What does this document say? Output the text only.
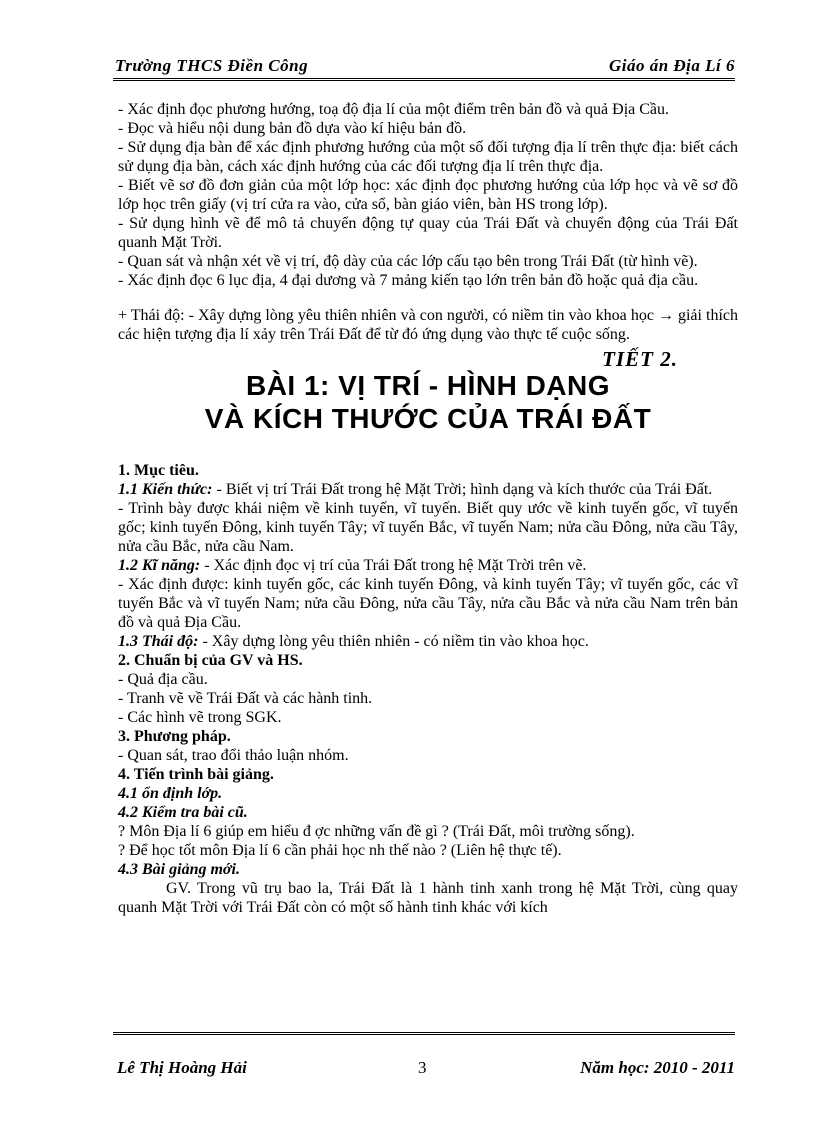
Trường THCS Điền Công	Giáo án Địa Lí 6

- Xác định đọc phương hướng, toạ độ địa lí của một điểm trên bản đồ và quả Địa Cầu.

- Đọc và hiểu nội dung bản đồ dựa vào kí hiệu bản đồ.

- Sử dụng địa bàn để xác định phương hướng của một số đối tượng địa lí trên thực địa: biết cách sử dụng địa bàn, cách xác định hướng của các đối tượng địa lí trên thực địa.

- Biết vẽ sơ đồ đơn giản của một lớp học: xác định đọc phương hướng của lớp học và vẽ sơ đồ lớp học trên giấy (vị trí cửa ra vào, cửa sổ, bàn giáo viên, bàn HS trong lớp).

- Sử dụng hình vẽ để mô tả chuyển động tự quay của Trái Đất và chuyển động của Trái Đất quanh Mặt Trời.

- Quan sát và nhận xét về vị trí, độ dày của các lớp cấu tạo bên trong Trái Đất (từ hình vẽ).

- Xác định đọc 6 lục địa, 4 đại dương và 7 mảng kiến tạo lớn trên bản đồ hoặc quả địa cầu.

+ Thái độ: - Xây dựng lòng yêu thiên nhiên và con người, có niềm tin vào khoa học → giải thích các hiện tượng địa lí xảy trên Trái Đất để từ đó ứng dụng vào thực tế cuộc sống.

TIẾT 2.
BÀI 1: VỊ TRÍ - HÌNH DẠNG
VÀ KÍCH THƯỚC CỦA TRÁI ĐẤT

1. Mục tiêu.

1.1 Kiến thức: - Biết vị trí Trái Đất trong hệ Mặt Trời; hình dạng và kích thước của Trái Đất.

- Trình bày được khái niệm về kinh tuyến, vĩ tuyến. Biết quy ước về kinh tuyến gốc, vĩ tuyến gốc; kinh tuyến Đông, kinh tuyến Tây; vĩ tuyến Bắc, vĩ tuyến Nam; nửa cầu Đông, nửa cầu Tây, nửa cầu Bắc, nửa cầu Nam.

1.2 Kĩ năng: - Xác định đọc vị trí của Trái Đất trong hệ Mặt Trời trên vẽ.

- Xác định được: kinh tuyến gốc, các kinh tuyến Đông, và kinh tuyến Tây; vĩ tuyến gốc, các vĩ tuyến Bắc và vĩ tuyến Nam; nửa cầu Đông, nửa cầu Tây, nửa cầu Bắc và nửa cầu Nam trên bản đồ và quả Địa Cầu.

1.3 Thái độ: - Xây dựng lòng yêu thiên nhiên - có niềm tin vào khoa học.

2. Chuẩn bị của GV và HS.

- Quả địa cầu.

- Tranh vẽ về Trái Đất và các hành tinh.

- Các hình vẽ trong SGK.

3. Phương pháp.

- Quan sát, trao đổi thảo luận nhóm.

4. Tiến trình bài giảng.

4.1 ổn định lớp.

4.2 Kiểm tra bài cũ.

? Môn Địa lí 6 giúp em hiểu đ ợc những vấn đề gì ? (Trái Đất, môi trường sống).

? Để học tốt môn Địa lí 6 cần phải học nh thế nào ? (Liên hệ thực tế).

4.3 Bài giảng mới.

GV. Trong vũ trụ bao la, Trái Đất là 1 hành tinh xanh trong hệ Mặt Trời, cùng quay quanh Mặt Trời với Trái Đất còn có một số hành tinh khác với kích

Lê Thị Hoàng Hải	3	Năm học: 2010 - 2011
